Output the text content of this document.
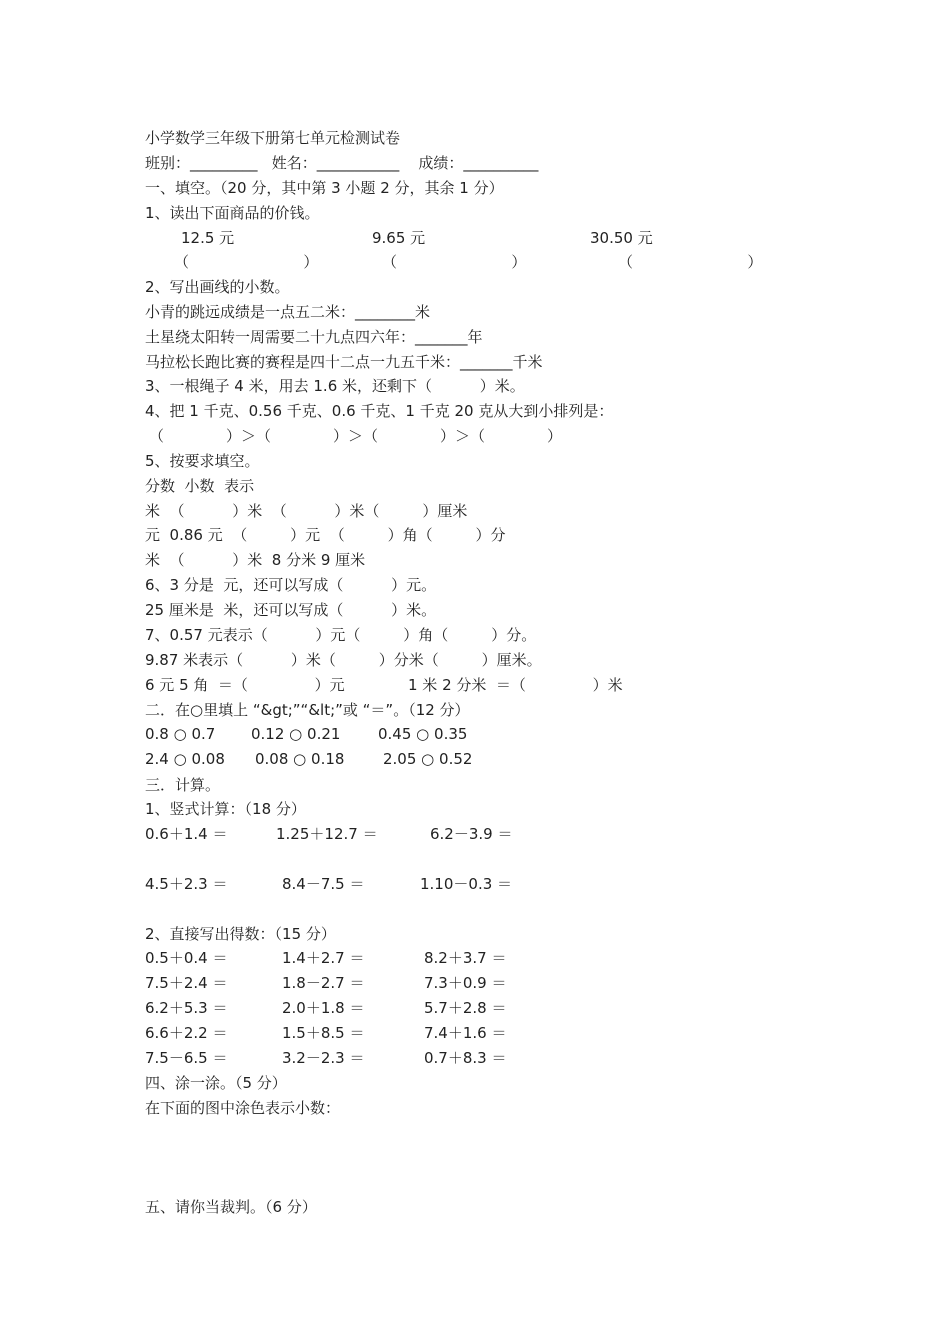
小学数学三年级下册第七单元检测试卷
班别：_________   姓名：___________    成绩：__________
一、填空。（20 分，其中第 3 小题 2 分，其余 1 分）
1、读出下面商品的价钱。
12.5 元	9.65 元	30.50 元
（                        ）	（                        ）	（                        ）
2、写出画线的小数。
小青的跳远成绩是一点五二米：________米
土星绕太阳转一周需要二十九点四六年：_______年
马拉松长跑比赛的赛程是四十二点一九五千米：_______千米
3、一根绳子 4 米，用去 1.6 米，还剩下（          ）米。
4、把 1 千克、0.56 千克、0.6 千克、1 千克 20 克从大到小排列是：
（             ）＞（             ）＞（             ）＞（             ）
5、按要求填空。
分数  小数  表示
米  （          ）米  （          ）米（         ）厘米
元  0.86 元  （         ）元  （         ）角（         ）分
米  （          ）米  8 分米 9 厘米
6、3 分是  元，还可以写成（          ）元。
25 厘米是  米，还可以写成（          ）米。
7、0.57 元表示（          ）元（         ）角（         ）分。
9.87 米表示（          ）米（         ）分米（         ）厘米。
6 元 5 角  ＝（              ）元	1 米 2 分米  ＝（              ）米
二．在○里填上 “&gt;”“&lt;”或 “＝”。（12 分）
0.8 ○ 0.7 0.12 ○ 0.21	0.45 ○ 0.35
2.4 ○ 0.08 0.08 ○ 0.18	2.05 ○ 0.52
三．计算。
1、竖式计算：（18 分）
0.6＋1.4 ＝	1.25＋12.7 ＝	6.2－3.9 ＝
4.5＋2.3 ＝	8.4－7.5 ＝	1.10－0.3 ＝
2、直接写出得数：（15 分）
0.5＋0.4 ＝	1.4＋2.7 ＝	8.2＋3.7 ＝
7.5＋2.4 ＝	1.8－2.7 ＝	7.3＋0.9 ＝
6.2＋5.3 ＝	2.0＋1.8 ＝	5.7＋2.8 ＝
6.6＋2.2 ＝	1.5＋8.5 ＝	7.4＋1.6 ＝
7.5－6.5 ＝	3.2－2.3 ＝	0.7＋8.3 ＝
四、涂一涂。（5 分）
在下面的图中涂色表示小数：
五、请你当裁判。（6 分）
